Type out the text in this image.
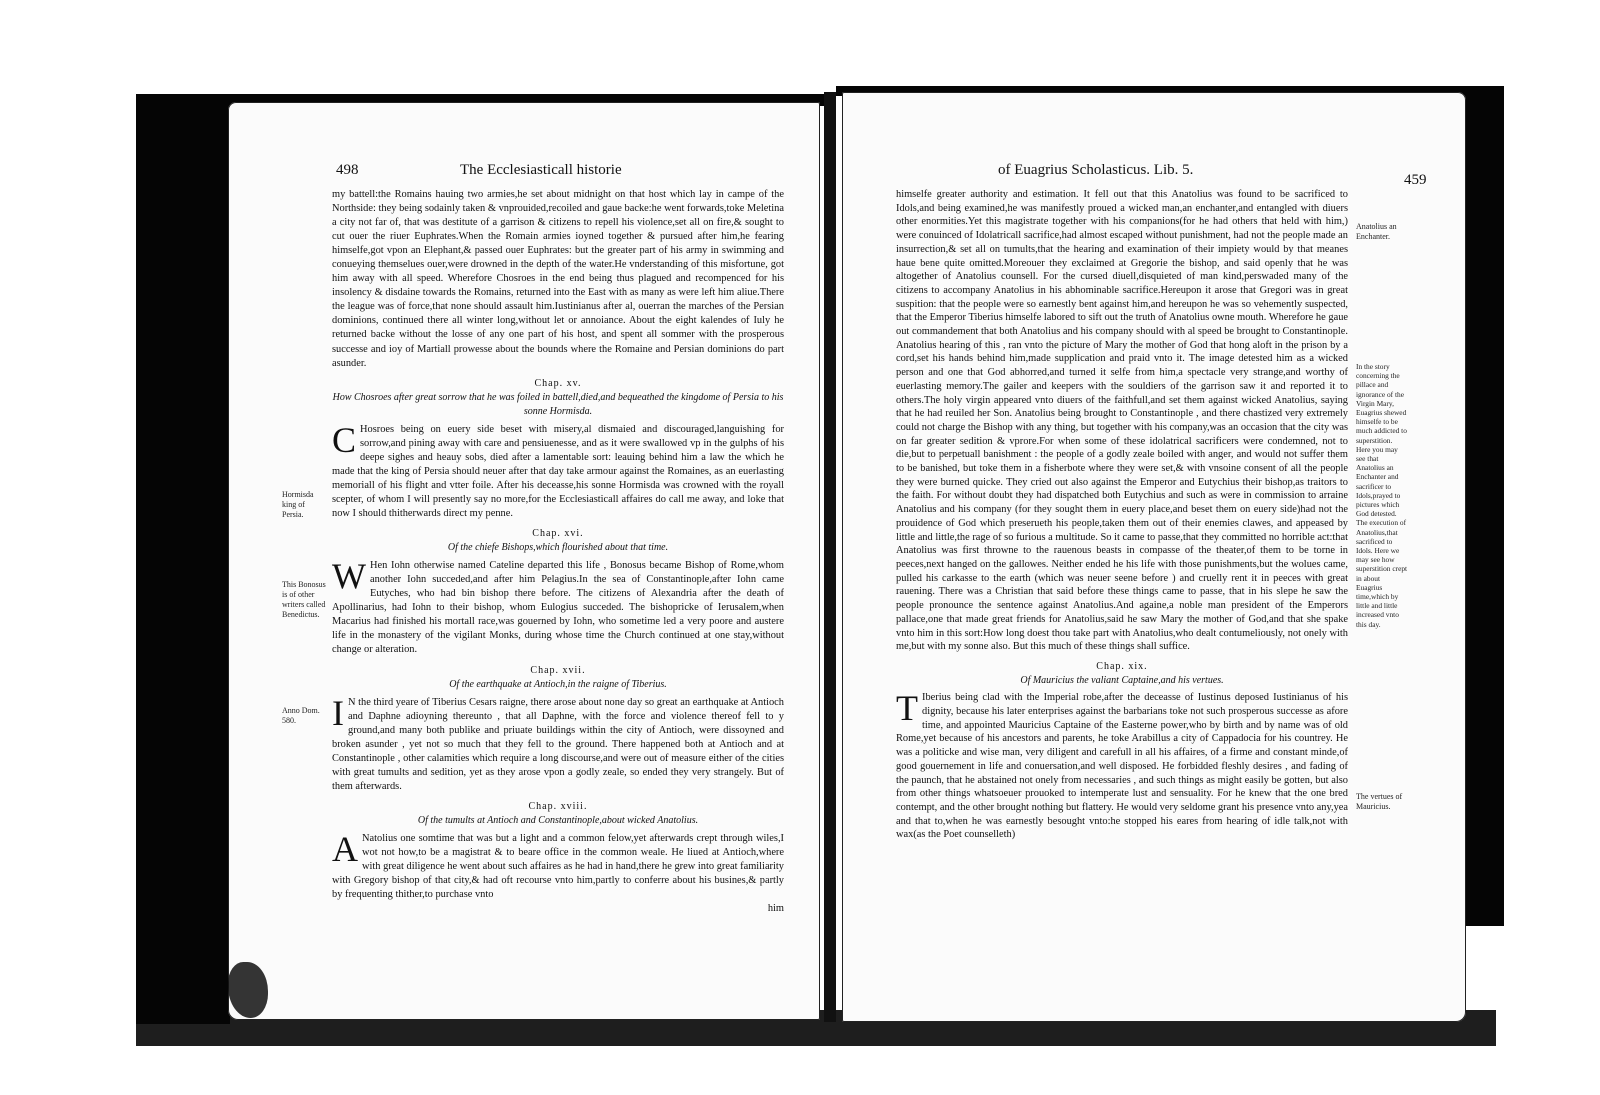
498	The Ecclesiasticall historie

my battell:the Romains hauing two armies,he set about midnight on that host which lay in campe of the Northside: they being sodainly taken & vnprouided,recoiled and gaue backe:he went forwards,toke Meletina a city not far of, that was destitute of a garrison & citizens to repell his violence,set all on fire,& sought to cut ouer the riuer Euphrates.When the Romain armies ioyned together & pursued after him,he fearing himselfe,got vpon an Elephant,& passed ouer Euphrates: but the greater part of his army in swimming and conueying themselues ouer,were drowned in the depth of the water.He vnderstanding of this misfortune, got him away with all speed. Wherefore Chosroes in the end being thus plagued and recompenced for his insolency & disdaine towards the Romains, returned into the East with as many as were left him aliue.There the league was of force,that none should assault him.Iustinianus after al, ouerran the marches of the Persian dominions, continued there all winter long,without let or annoiance. About the eight kalendes of Iuly he returned backe without the losse of any one part of his host, and spent all sommer with the prosperous successe and ioy of Martiall prowesse about the bounds where the Romaine and Persian dominions do part asunder.

Chap. xv.
How Chosroes after great sorrow that he was foiled in battell,died,and bequeathed the kingdome of Persia to his sonne Hormisda.

C Hosroes being on euery side beset with misery,al dismaied and discouraged,languishing for sorrow,and pining away with care and pensiuenesse, and as it were swallowed vp in the gulphs of his deepe sighes and heauy sobs, died after a lamentable sort: leauing behind him a law the which he made that the king of Persia should neuer after that day take armour against the Romaines, as an euerlasting memoriall of his flight and vtter foile. After his deceasse,his sonne Hormisda was crowned with the royall scepter, of whom I will presently say no more,for the Ecclesiasticall affaires do call me away, and loke that now I should thitherwards direct my penne.

Chap. xvi.
Of the chiefe Bishops,which flourished about that time.

W Hen Iohn otherwise named Cateline departed this life , Bonosus became Bishop of Rome,whom another Iohn succeded,and after him Pelagius.In the sea of Constantinople,after Iohn came Eutyches, who had bin bishop there before. The citizens of Alexandria after the death of Apollinarius, had Iohn to their bishop, whom Eulogius succeded. The bishopricke of Ierusalem,when Macarius had finished his mortall race,was gouerned by Iohn, who sometime led a very poore and austere life in the monastery of the vigilant Monks, during whose time the Church continued at one stay,without change or alteration.

Chap. xvii.
Of the earthquake at Antioch,in the raigne of Tiberius.

I N the third yeare of Tiberius Cesars raigne, there arose about none day so great an earthquake at Antioch and Daphne adioyning thereunto , that all Daphne, with the force and violence thereof fell to y ground,and many both publike and priuate buildings within the city of Antioch, were dissoyned and broken asunder , yet not so much that they fell to the ground. There happened both at Antioch and at Constantinople , other calamities which require a long discourse,and were out of measure either of the cities with great tumults and sedition, yet as they arose vpon a godly zeale, so ended they very strangely. But of them afterwards.

Chap. xviii.
Of the tumults at Antioch and Constantinople,about wicked Anatolius.

A Natolius one somtime that was but a light and a common felow,yet afterwards crept through wiles,I wot not how,to be a magistrat & to beare office in the common weale. He liued at Antioch,where with great diligence he went about such affaires as he had in hand,there he grew into great familiarity with Gregory bishop of that city,& had oft recourse vnto him,partly to conferre about his busines,& partly by frequenting thither,to purchase vnto

him
Hormisda king of Persia.
This Bonosus is of other writers called Benedictus.
Anno Dom. 580.
of Euagrius Scholasticus. Lib. 5.
459

himselfe greater authority and estimation. It fell out that this Anatolius was found to be sacrificed to Idols,and being examined,he was manifestly proued a wicked man,an enchanter,and entangled with diuers other enormities.Yet this magistrate together with his companions(for he had others that held with him,) were conuinced of Idolatricall sacrifice,had almost escaped without punishment, had not the people made an insurrection,& set all on tumults,that the hearing and examination of their impiety would by that meanes haue bene quite omitted.Moreouer they exclaimed at Gregorie the bishop, and said openly that he was altogether of Anatolius counsell. For the cursed diuell,disquieted of man kind,perswaded many of the citizens to accompany Anatolius in his abhominable sacrifice.Hereupon it arose that Gregori was in great suspition: that the people were so earnestly bent against him,and hereupon he was so vehemently suspected, that the Emperor Tiberius himselfe labored to sift out the truth of Anatolius owne mouth. Wherefore he gaue out commandement that both Anatolius and his company should with al speed be brought to Constantinople. Anatolius hearing of this , ran vnto the picture of Mary the mother of God that hong aloft in the prison by a cord,set his hands behind him,made supplication and praid vnto it. The image detested him as a wicked person and one that God abhorred,and turned it selfe from him,a spectacle very strange,and worthy of euerlasting memory.The gailer and keepers with the souldiers of the garrison saw it and reported it to others.The holy virgin appeared vnto diuers of the faithfull,and set them against wicked Anatolius, saying that he had reuiled her Son. Anatolius being brought to Constantinople , and there chastized very extremely could not charge the Bishop with any thing, but together with his company,was an occasion that the city was on far greater sedition & vprore.For when some of these idolatrical sacrificers were condemned, not to die,but to perpetuall banishment : the people of a godly zeale boiled with anger, and would not suffer them to be banished, but toke them in a fisherbote where they were set,& with vnsoine consent of all the people they were burned quicke. They cried out also against the Emperor and Eutychius their bishop,as traitors to the faith. For without doubt they had dispatched both Eutychius and such as were in commission to arraine Anatolius and his company (for they sought them in euery place,and beset them on euery side)had not the prouidence of God which preserueth his people,taken them out of their enemies clawes, and appeased by little and little,the rage of so furious a multitude. So it came to passe,that they committed no horrible act:that Anatolius was first throwne to the rauenous beasts in compasse of the theater,of them to be torne in peeces,next hanged on the gallowes. Neither ended he his life with those punishments,but the wolues came, pulled his carkasse to the earth (which was neuer seene before ) and cruelly rent it in peeces with great rauening. There was a Christian that said before these things came to passe, that in his slepe he saw the people pronounce the sentence against Anatolius.And againe,a noble man president of the Emperors pallace,one that made great friends for Anatolius,said he saw Mary the mother of God,and that she spake vnto him in this sort:How long doest thou take part with Anatolius,who dealt contumeliously, not onely with me,but with my sonne also. But this much of these things shall suffice.

Chap. xix.
Of Mauricius the valiant Captaine,and his vertues.

T Iberius being clad with the Imperial robe,after the deceasse of Iustinus deposed Iustinianus of his dignity, because his later enterprises against the barbarians toke not such prosperous successe as afore time, and appointed Mauricius Captaine of the Easterne power,who by birth and by name was of old Rome,yet because of his ancestors and parents, he toke Arabillus a city of Cappadocia for his countrey. He was a politicke and wise man, very diligent and carefull in all his affaires, of a firme and constant minde,of good gouernement in life and conuersation,and well disposed. He forbidded fleshly desires , and fading of the paunch, that he abstained not onely from necessaries , and such things as might easily be gotten, but also from other things whatsoeuer prouoked to intemperate lust and sensuality. For he knew that the one bred contempt, and the other brought nothing but flattery. He would very seldome grant his presence vnto any,yea and that to,when he was earnestly besought vnto:he stopped his eares from hearing of idle talk,not with wax(as the Poet counselleth)

Anatolius an Enchanter.
In the story concerning the pillace and ignorance of the Virgin Mary, Euagrius shewed himselfe to be much addicted to superstition. Here you may see that Anatolius an Enchanter and sacrificer to Idols,prayed to pictures which God detested. The execution of Anatolius,that sacrificed to Idols. Here we may see how superstition crept in about Euagrius time,which by little and little increased vnto this day.
The vertues of Mauricius.
